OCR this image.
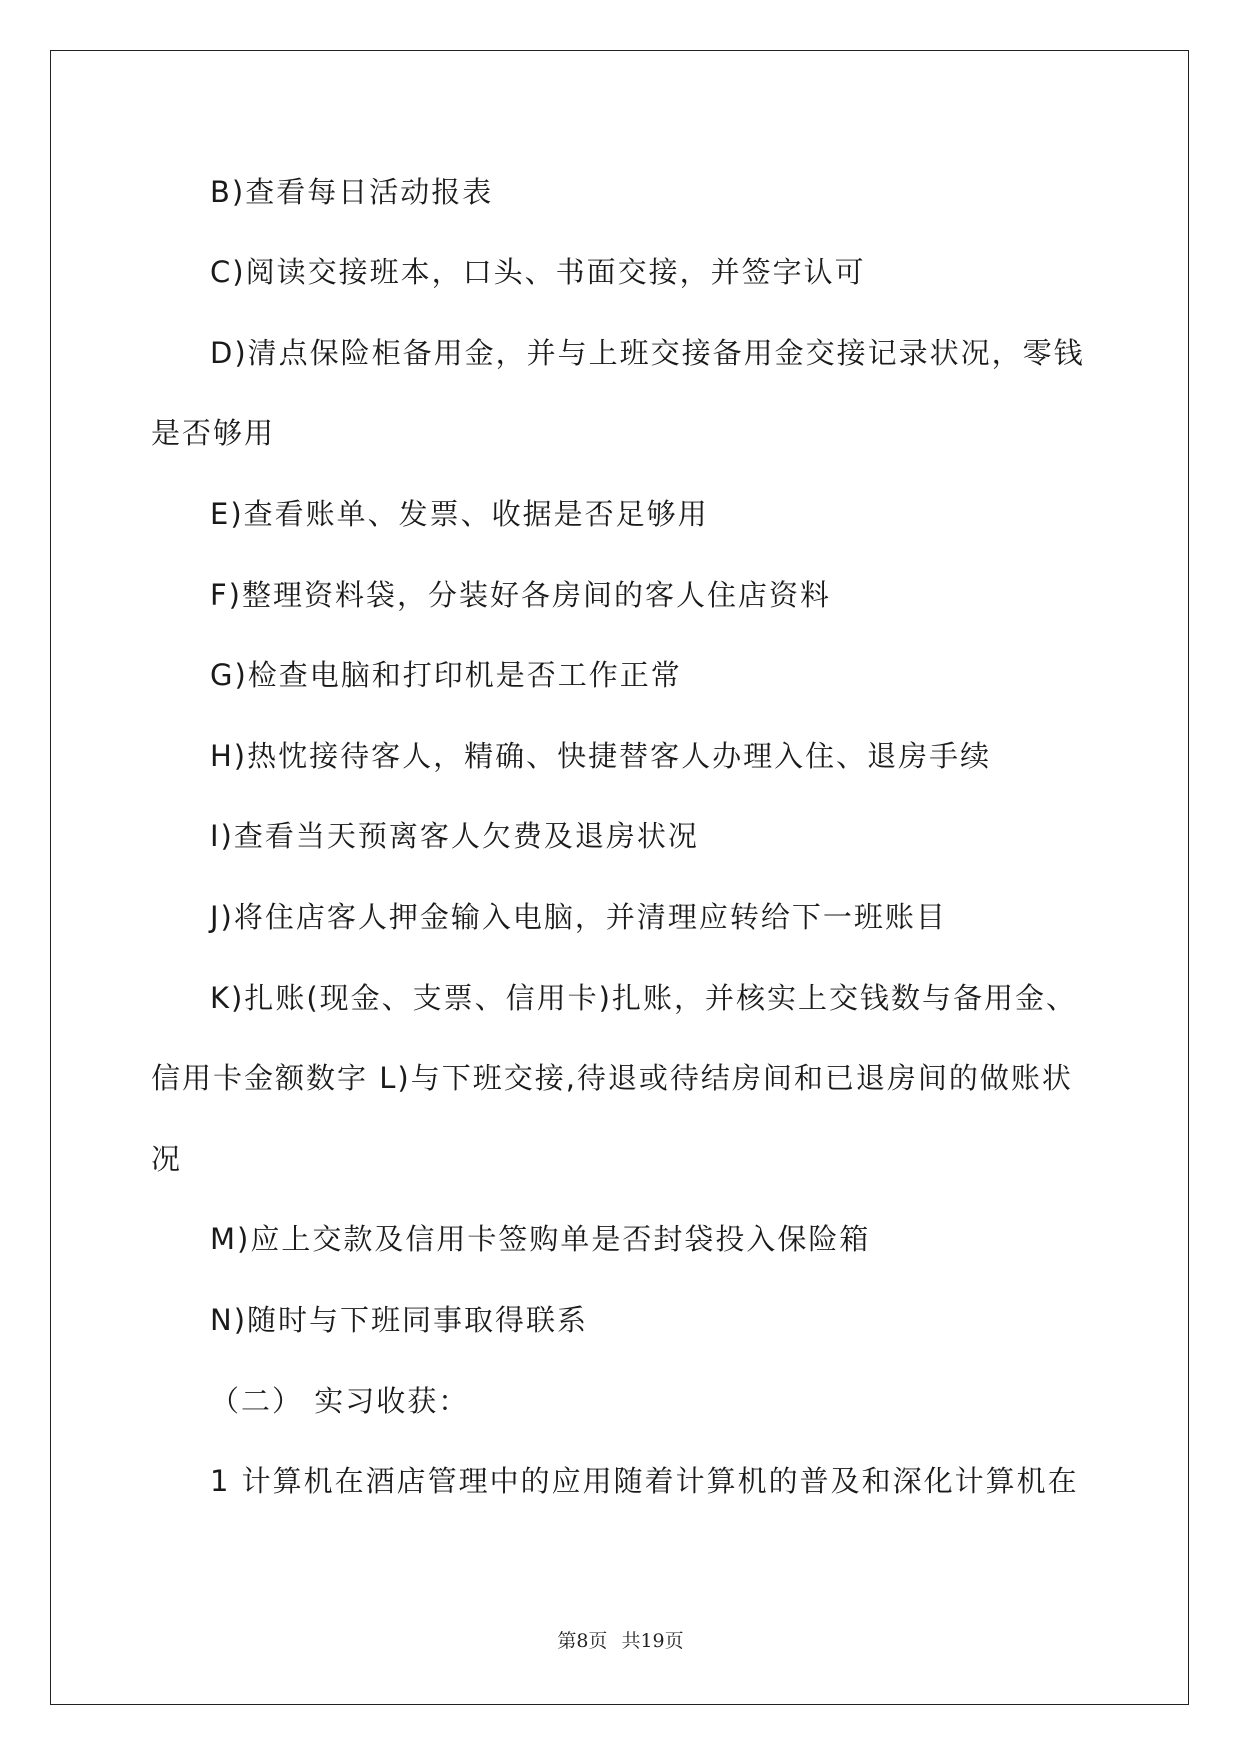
B)查看每日活动报表
C)阅读交接班本，口头、书面交接，并签字认可
D)清点保险柜备用金，并与上班交接备用金交接记录状况，零钱
是否够用
E)查看账单、发票、收据是否足够用
F)整理资料袋，分装好各房间的客人住店资料
G)检查电脑和打印机是否工作正常
H)热忱接待客人，精确、快捷替客人办理入住、退房手续
I)查看当天预离客人欠费及退房状况
J)将住店客人押金输入电脑，并清理应转给下一班账目
K)扎账(现金、支票、信用卡)扎账，并核实上交钱数与备用金、
信用卡金额数字 L)与下班交接,待退或待结房间和已退房间的做账状
况
M)应上交款及信用卡签购单是否封袋投入保险箱
N)随时与下班同事取得联系
（二） 实习收获：
1 计算机在酒店管理中的应用随着计算机的普及和深化计算机在
第8页 共19页
